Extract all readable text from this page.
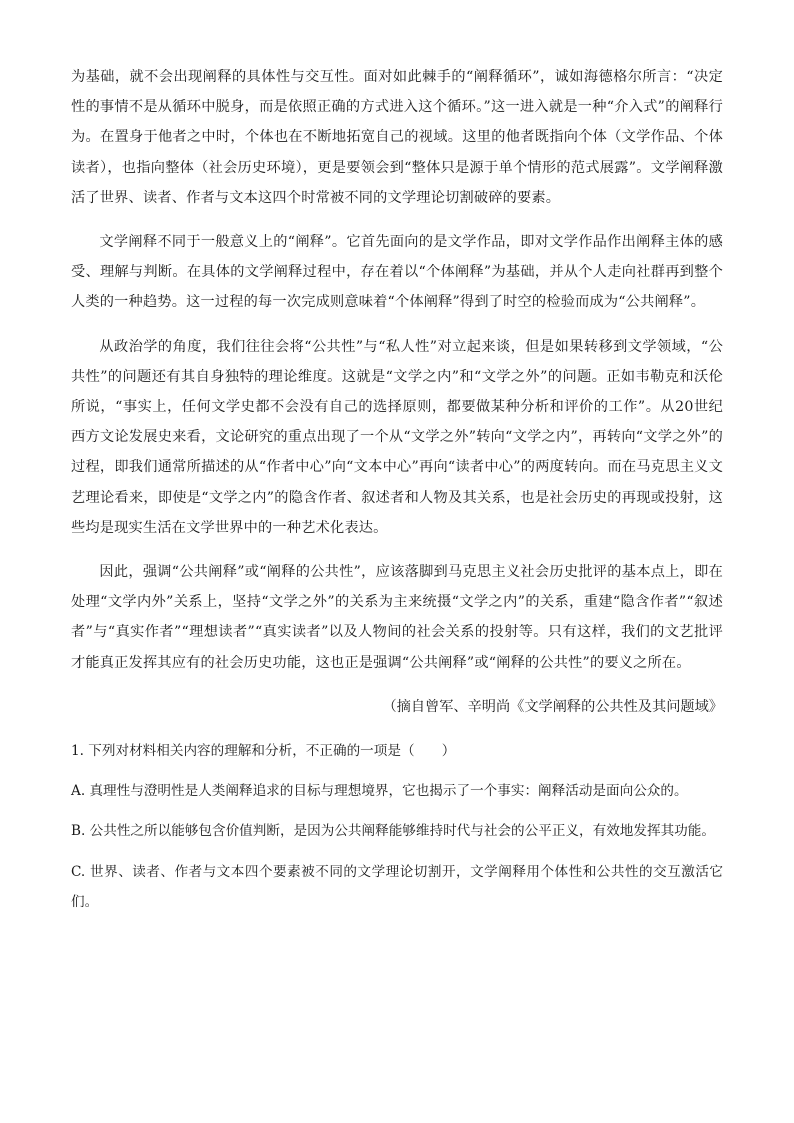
为基础，就不会出现阐释的具体性与交互性。面对如此棘手的“阐释循环”，诚如海德格尔所言：“决定性的事情不是从循环中脱身，而是依照正确的方式进入这个循环。”这一进入就是一种“介入式”的阐释行为。在置身于他者之中时，个体也在不断地拓宽自己的视域。这里的他者既指向个体（文学作品、个体读者），也指向整体（社会历史环境），更是要领会到“整体只是源于单个情形的范式展露”。文学阐释激活了世界、读者、作者与文本这四个时常被不同的文学理论切割破碎的要素。

文学阐释不同于一般意义上的“阐释”。它首先面向的是文学作品，即对文学作品作出阐释主体的感受、理解与判断。在具体的文学阐释过程中，存在着以“个体阐释”为基础，并从个人走向社群再到整个人类的一种趋势。这一过程的每一次完成则意味着“个体阐释”得到了时空的检验而成为“公共阐释”。

从政治学的角度，我们往往会将“公共性”与“私人性”对立起来谈，但是如果转移到文学领域，“公共性”的问题还有其自身独特的理论维度。这就是“文学之内”和“文学之外”的问题。正如韦勒克和沃伦所说，“事实上，任何文学史都不会没有自己的选择原则，都要做某种分析和评价的工作”。从20世纪西方文论发展史来看，文论研究的重点出现了一个从“文学之外”转向“文学之内”，再转向“文学之外”的过程，即我们通常所描述的从“作者中心”向“文本中心”再向“读者中心”的两度转向。而在马克思主义文艺理论看来，即使是“文学之内”的隐含作者、叙述者和人物及其关系，也是社会历史的再现或投射，这些均是现实生活在文学世界中的一种艺术化表达。

因此，强调“公共阐释”或“阐释的公共性”，应该落脚到马克思主义社会历史批评的基本点上，即在处理“文学内外”关系上，坚持“文学之外”的关系为主来统摄“文学之内”的关系，重建“隐含作者”“叙述者”与“真实作者”“理想读者”“真实读者”以及人物间的社会关系的投射等。只有这样，我们的文艺批评才能真正发挥其应有的社会历史功能，这也正是强调“公共阐释”或“阐释的公共性”的要义之所在。

（摘自曾军、辛明尚《文学阐释的公共性及其问题域》

1. 下列对材料相关内容的理解和分析，不正确的一项是（　　）

A. 真理性与澄明性是人类阐释追求的目标与理想境界，它也揭示了一个事实：阐释活动是面向公众的。

B. 公共性之所以能够包含价值判断，是因为公共阐释能够维持时代与社会的公平正义，有效地发挥其功能。

C. 世界、读者、作者与文本四个要素被不同的文学理论切割开，文学阐释用个体性和公共性的交互激活它们。
